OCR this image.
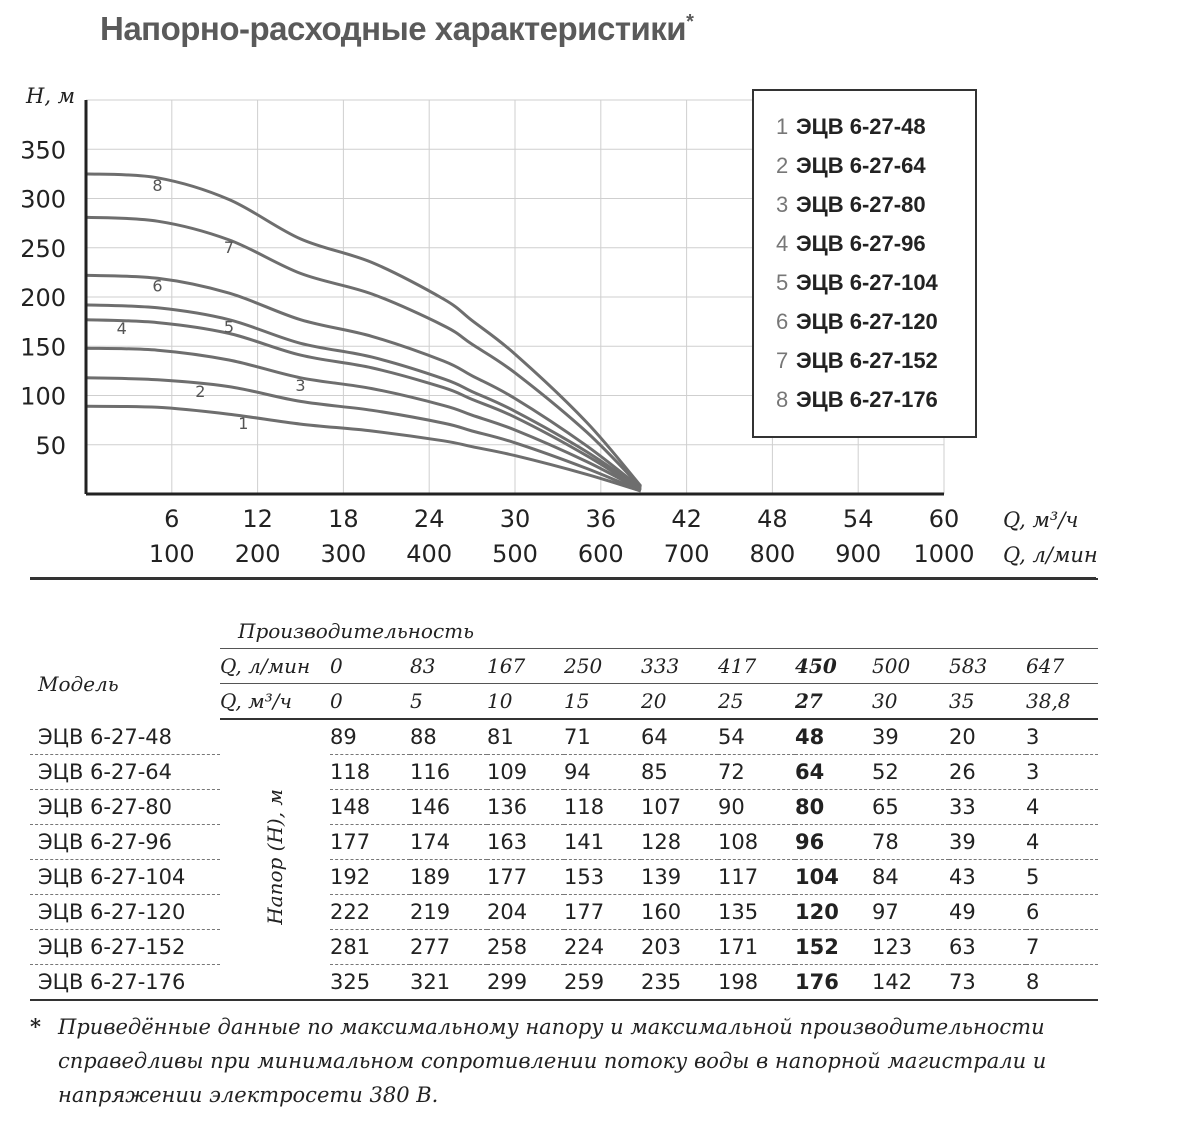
Напорно-расходные характеристики*
50
100
150
200
250
300
350
H, м
6	12 18 24 30 36 42 48 54 60
100 200 300 400 500 600 700 800 900 1000
Q, м³/ч
Q, л/мин
1
2	3
4	5
6
7
8
1 ЭЦВ 6-27-48
2 ЭЦВ 6-27-64
3 ЭЦВ 6-27-80
4 ЭЦВ 6-27-96
5 ЭЦВ 6-27-104
6 ЭЦВ 6-27-120
7 ЭЦВ 6-27-152
8 ЭЦВ 6-27-176

	Производительность										
Модель	Q, л/мин	0	83	167	250	333	417	450	500	583	647
	Q, м³/ч	0	5	10	15	20	25	27	30	35	38,8
ЭЦВ 6-27-48	Напор (H), м	89	88	81	71	64	54	48	39	20	3
ЭЦВ 6-27-64		118	116	109	94	85	72	64	52	26	3
ЭЦВ 6-27-80		148	146	136	118	107	90	80	65	33	4
ЭЦВ 6-27-96		177	174	163	141	128	108	96	78	39	4
ЭЦВ 6-27-104		192	189	177	153	139	117	104	84	43	5
ЭЦВ 6-27-120		222	219	204	177	160	135	120	97	49	6
ЭЦВ 6-27-152		281	277	258	224	203	171	152	123	63	7
ЭЦВ 6-27-176		325	321	299	259	235	198	176	142	73	8
* Приведённые данные по максимальному напору и максимальной производительности справедливы при минимальном сопротивлении потоку воды в напорной магистрали и напряжении электросети 380 В.
